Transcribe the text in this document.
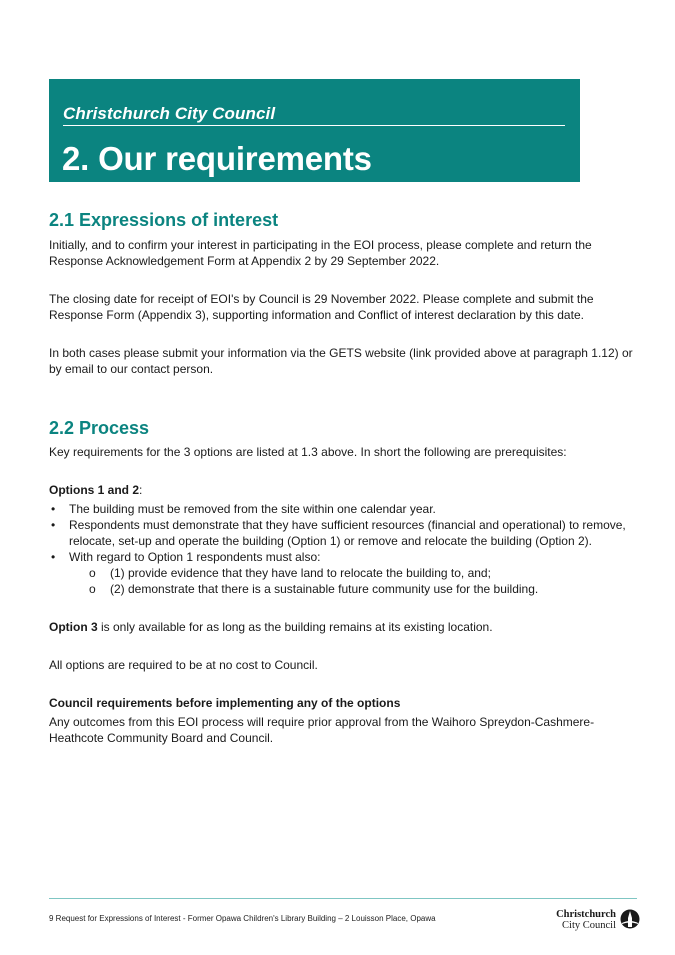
Christchurch City Council
2. Our requirements
2.1 Expressions of interest
Initially, and to confirm your interest in participating in the EOI process, please complete and return the Response Acknowledgement Form at Appendix 2 by 29 September 2022.
The closing date for receipt of EOI's by Council is 29 November 2022. Please complete and submit the Response Form (Appendix 3), supporting information and Conflict of interest declaration by this date.
In both cases please submit your information via the GETS website (link provided above at paragraph 1.12) or by email to our contact person.
2.2 Process
Key requirements for the 3 options are listed at 1.3 above. In short the following are prerequisites:
Options 1 and 2:
• The building must be removed from the site within one calendar year.
• Respondents must demonstrate that they have sufficient resources (financial and operational) to remove, relocate, set-up and operate the building (Option 1) or remove and relocate the building (Option 2).
• With regard to Option 1 respondents must also:
o (1) provide evidence that they have land to relocate the building to, and;
o (2) demonstrate that there is a sustainable future community use for the building.
Option 3 is only available for as long as the building remains at its existing location.
All options are required to be at no cost to Council.
Council requirements before implementing any of the options
Any outcomes from this EOI process will require prior approval from the Waihoro Spreydon-Cashmere- Heathcote Community Board and Council.
9 Request for Expressions of Interest - Former Opawa Children's Library Building – 2 Louisson Place, Opawa	Christchurch
City Council
